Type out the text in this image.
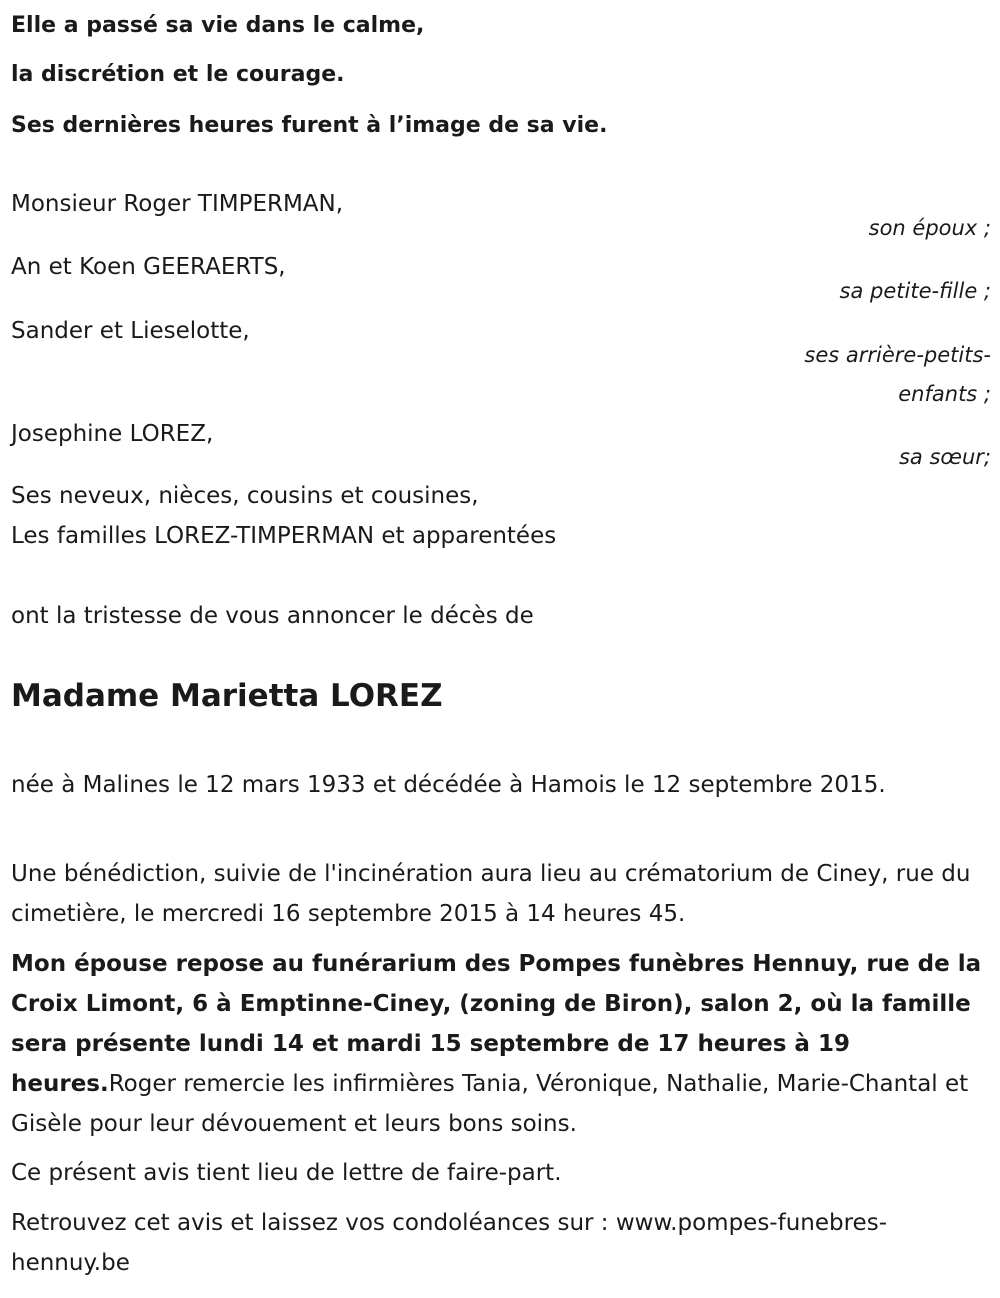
Elle a passé sa vie dans le calme,

la discrétion et le courage.

Ses dernières heures furent à l’image de sa vie.

Monsieur Roger TIMPERMAN,
son époux ;
An et Koen GEERAERTS,
sa petite-fille ;
Sander et Lieselotte,
ses arrière-petits-
enfants ;
Josephine LOREZ,
sa sœur;
Ses neveux, nièces, cousins et cousines,
Les familles LOREZ-TIMPERMAN et apparentées
ont la tristesse de vous annoncer le décès de
Madame Marietta LOREZ

née à Malines le 12 mars 1933 et décédée à Hamois le 12 septembre 2015.

Une bénédiction, suivie de l'incinération aura lieu au crématorium de Ciney, rue du cimetière, le mercredi 16 septembre 2015 à 14 heures 45.

Mon épouse repose au funérarium des Pompes funèbres Hennuy, rue de la Croix Limont, 6 à Emptinne-Ciney, (zoning de Biron), salon 2, où la famille sera présente lundi 14 et mardi 15 septembre de 17 heures à 19 heures.Roger remercie les infirmières Tania, Véronique, Nathalie, Marie-Chantal et Gisèle pour leur dévouement et leurs bons soins.

Ce présent avis tient lieu de lettre de faire-part.

Retrouvez cet avis et laissez vos condoléances sur : www.pompes-funebres-hennuy.be
